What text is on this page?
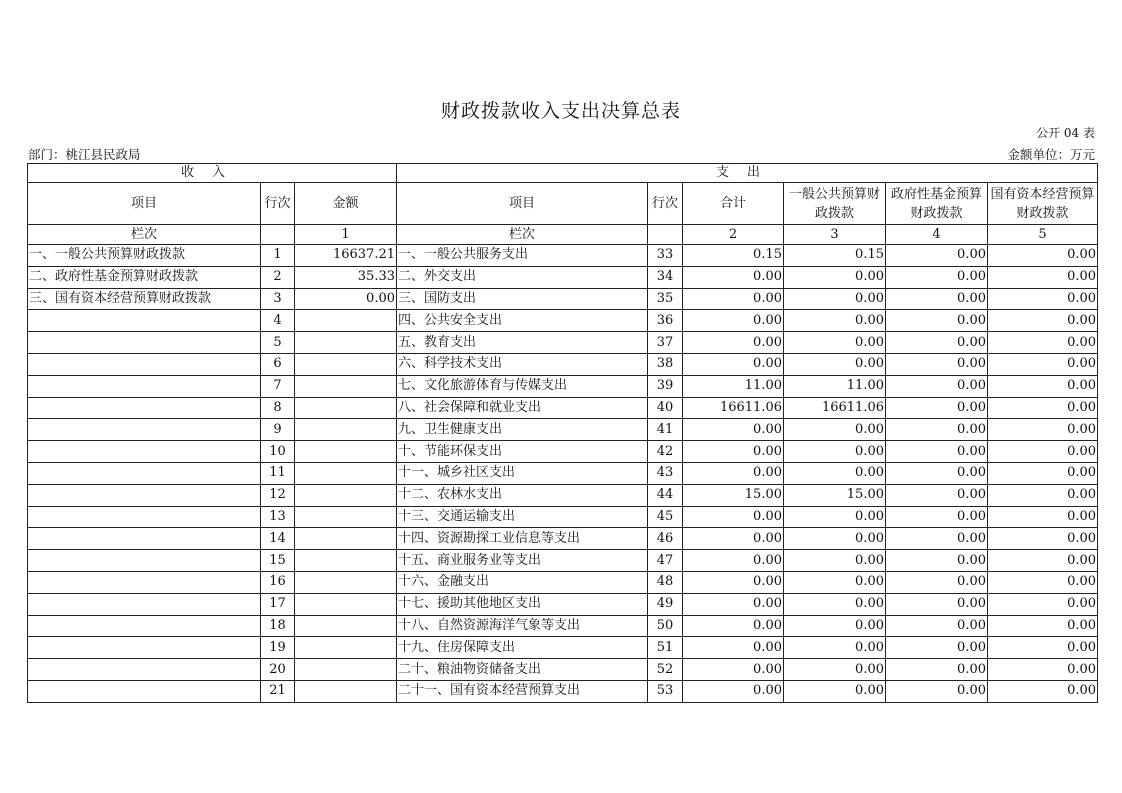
财政拨款收入支出决算总表
公开 04 表
部门：桃江县民政局	金额单位：万元
收入			支出					
项目	行次	金额	项目	行次	合计	一般公共预算财政拨款	政府性基金预算财政拨款	国有资本经营预算财政拨款
栏次		1	栏次		2	3	4	5
一、一般公共预算财政拨款	1	16637.21	一、一般公共服务支出	33	0.15	0.15	0.00	0.00
二、政府性基金预算财政拨款	2	35.33	二、外交支出	34	0.00	0.00	0.00	0.00
三、国有资本经营预算财政拨款	3	0.00	三、国防支出	35	0.00	0.00	0.00	0.00
	4		四、公共安全支出	36	0.00	0.00	0.00	0.00
	5		五、教育支出	37	0.00	0.00	0.00	0.00
	6		六、科学技术支出	38	0.00	0.00	0.00	0.00
	7		七、文化旅游体育与传媒支出	39	11.00	11.00	0.00	0.00
	8		八、社会保障和就业支出	40	16611.06	16611.06	0.00	0.00
	9		九、卫生健康支出	41	0.00	0.00	0.00	0.00
	10		十、节能环保支出	42	0.00	0.00	0.00	0.00
	11		十一、城乡社区支出	43	0.00	0.00	0.00	0.00
	12		十二、农林水支出	44	15.00	15.00	0.00	0.00
	13		十三、交通运输支出	45	0.00	0.00	0.00	0.00
	14		十四、资源勘探工业信息等支出	46	0.00	0.00	0.00	0.00
	15		十五、商业服务业等支出	47	0.00	0.00	0.00	0.00
	16		十六、金融支出	48	0.00	0.00	0.00	0.00
	17		十七、援助其他地区支出	49	0.00	0.00	0.00	0.00
	18		十八、自然资源海洋气象等支出	50	0.00	0.00	0.00	0.00
	19		十九、住房保障支出	51	0.00	0.00	0.00	0.00
	20		二十、粮油物资储备支出	52	0.00	0.00	0.00	0.00
	21		二十一、国有资本经营预算支出	53	0.00	0.00	0.00	0.00
